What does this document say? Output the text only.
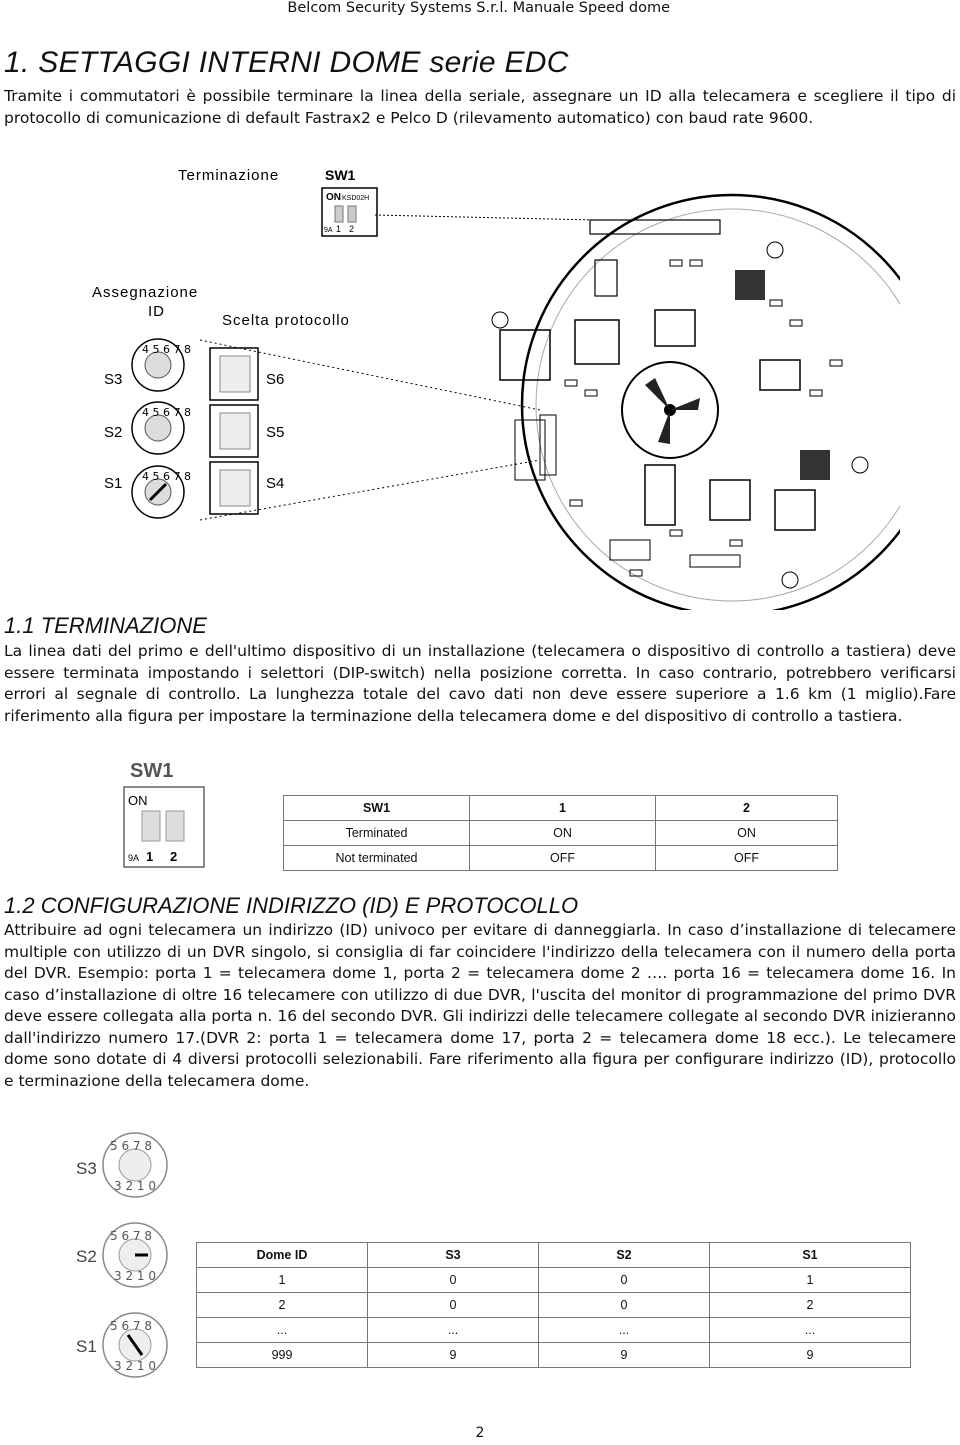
Belcom Security Systems S.r.l. Manuale Speed dome
1. SETTAGGI INTERNI DOME serie EDC
Tramite i commutatori è possibile terminare la linea della seriale, assegnare un ID alla telecamera e scegliere il tipo di protocollo di comunicazione di default Fastrax2 e Pelco D (rilevamento automatico) con baud rate 9600.
Terminazione	SW1
ON KSD02H
9A 1 2
Assegnazione
ID
Scelta protocollo
4 5 6 7 8
4 5 6 7 8
4 5 6 7 8
S3
S2
S1
S6
S5
S4
1.1 TERMINAZIONE
La linea dati del primo e dell'ultimo dispositivo di un installazione (telecamera o dispositivo di controllo a tastiera) deve essere terminata impostando i selettori (DIP-switch) nella posizione corretta. In caso contrario, potrebbero verificarsi errori al segnale di controllo. La lunghezza totale del cavo dati non deve essere superiore a 1.6 km (1 miglio).Fare riferimento alla figura per impostare la terminazione della telecamera dome e del dispositivo di controllo a tastiera.
SW1
ON
9A 1 2
SW1	1	2
Terminated	ON	ON
Not terminated	OFF	OFF
1.2 CONFIGURAZIONE INDIRIZZO (ID) E PROTOCOLLO
Attribuire ad ogni telecamera un indirizzo (ID) univoco per evitare di danneggiarla. In caso d’installazione di telecamere multiple con utilizzo di un DVR singolo, si consiglia di far coincidere l'indirizzo della telecamera con il numero della porta del DVR. Esempio: porta 1 = telecamera dome 1, porta 2 = telecamera dome 2 …. porta 16 = telecamera dome 16. In caso d’installazione di oltre 16 telecamere con utilizzo di due DVR, l'uscita del monitor di programmazione del primo DVR deve essere collegata alla porta n. 16 del secondo DVR. Gli indirizzi delle telecamere collegate al secondo DVR inizieranno dall'indirizzo numero 17.(DVR 2: porta 1 = telecamera dome 17, porta 2 = telecamera dome 18 ecc.). Le telecamere dome sono dotate di 4 diversi protocolli selezionabili. Fare riferimento alla figura per configurare indirizzo (ID), protocollo e terminazione della telecamera dome.
5 6 7 8
3 2 1 0
5 6 7 8
3 2 1 0
5 6 7 8
3 2 1 0
S3
S2
S1
Dome ID	S3	S2	S1
1	0	0	1
2	0	0	2
...	...	...	...
999	9	9	9
2
